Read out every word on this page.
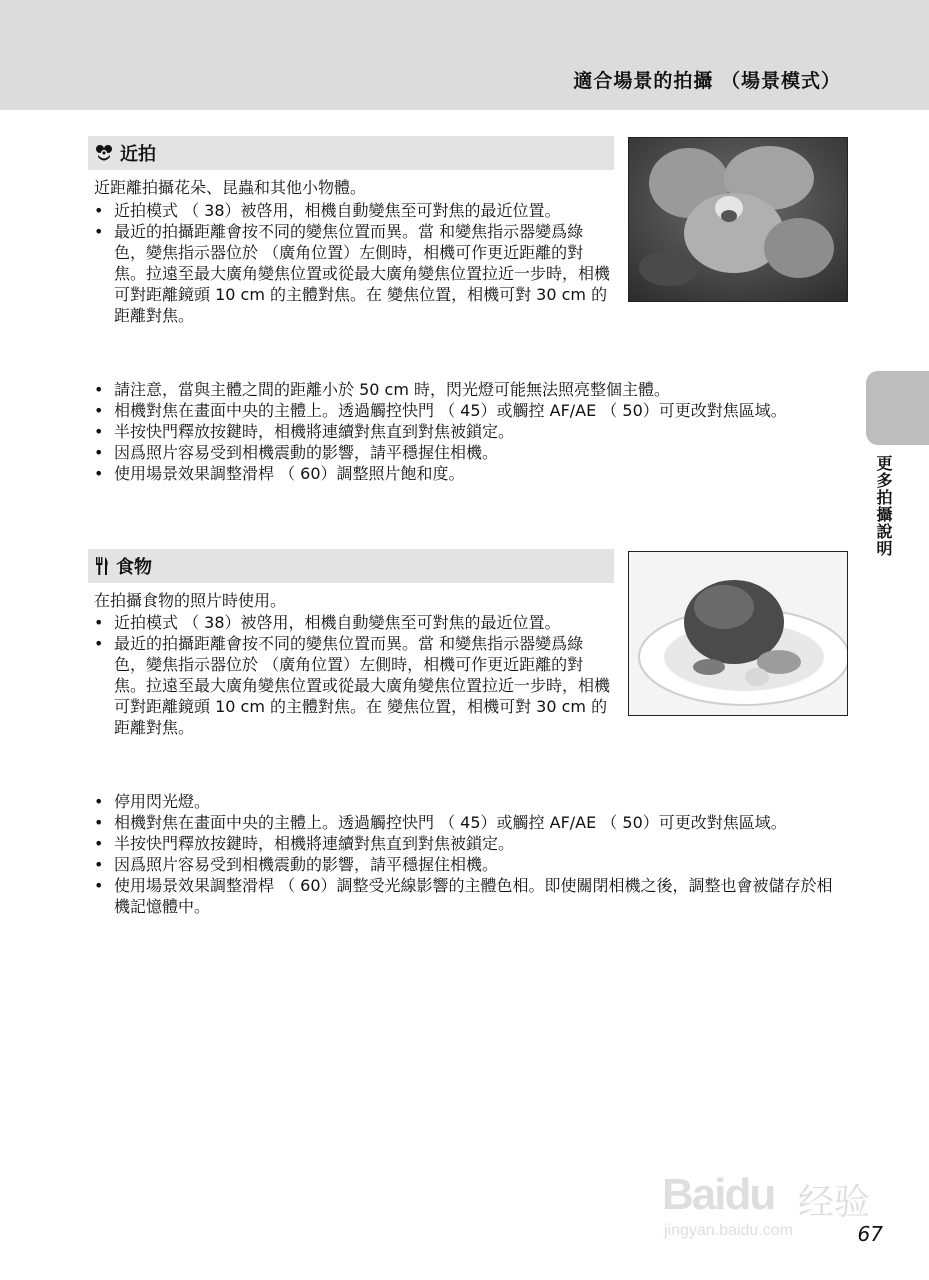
適合場景的拍攝 （場景模式）
近拍
近距離拍攝花朵、昆蟲和其他小物體。
• 近拍模式 （ 38）被啓用，相機自動變焦至可對焦的最近位置。
• 最近的拍攝距離會按不同的變焦位置而異。當 和變焦指示器變爲綠色，變焦指示器位於 （廣角位置）左側時，相機可作更近距離的對焦。拉遠至最大廣角變焦位置或從最大廣角變焦位置拉近一步時，相機可對距離鏡頭 10 cm 的主體對焦。在 變焦位置，相機可對 30 cm 的距離對焦。
• 請注意，當與主體之間的距離小於 50 cm 時，閃光燈可能無法照亮整個主體。
• 相機對焦在畫面中央的主體上。透過觸控快門 （ 45）或觸控 AF/AE （ 50）可更改對焦區域。
• 半按快門釋放按鍵時，相機將連續對焦直到對焦被鎖定。
• 因爲照片容易受到相機震動的影響，請平穩握住相機。
• 使用場景效果調整滑桿 （ 60）調整照片飽和度。
食物
在拍攝食物的照片時使用。
• 近拍模式 （ 38）被啓用，相機自動變焦至可對焦的最近位置。
• 最近的拍攝距離會按不同的變焦位置而異。當 和變焦指示器變爲綠色，變焦指示器位於 （廣角位置）左側時，相機可作更近距離的對焦。拉遠至最大廣角變焦位置或從最大廣角變焦位置拉近一步時，相機可對距離鏡頭 10 cm 的主體對焦。在 變焦位置，相機可對 30 cm 的距離對焦。
• 停用閃光燈。
• 相機對焦在畫面中央的主體上。透過觸控快門 （ 45）或觸控 AF/AE （ 50）可更改對焦區域。
• 半按快門釋放按鍵時，相機將連續對焦直到對焦被鎖定。
• 因爲照片容易受到相機震動的影響，請平穩握住相機。
• 使用場景效果調整滑桿 （ 60）調整受光線影響的主體色相。即使關閉相機之後，調整也會被儲存於相機記憶體中。
更多拍攝說明
Baidu 经验
jingyan.baidu.com	67
